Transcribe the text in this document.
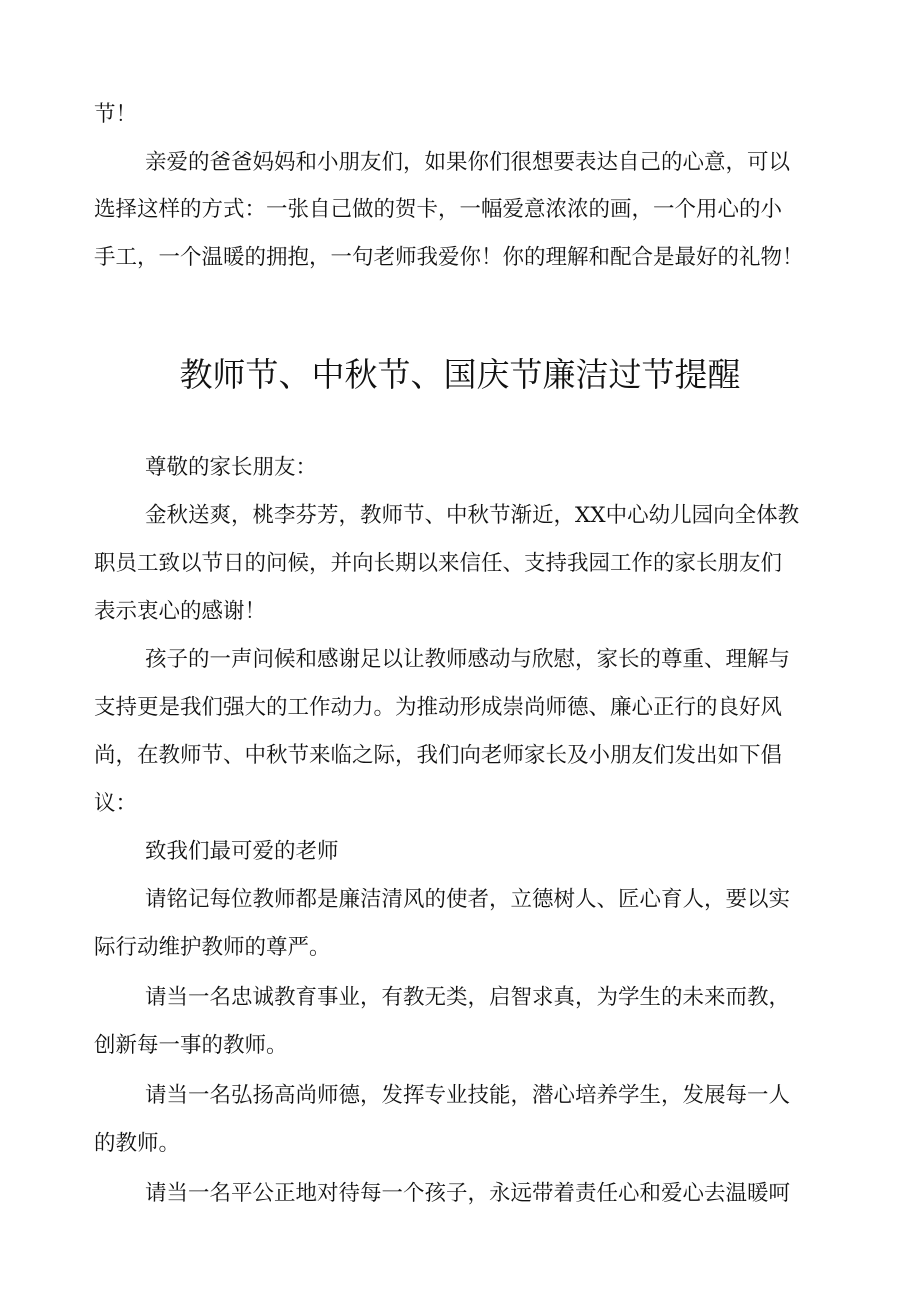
节！
亲爱的爸爸妈妈和小朋友们，如果你们很想要表达自己的心意，可以
选择这样的方式：一张自己做的贺卡，一幅爱意浓浓的画，一个用心的小
手工，一个温暖的拥抱，一句老师我爱你！你的理解和配合是最好的礼物！
教师节、中秋节、国庆节廉洁过节提醒
尊敬的家长朋友：
金秋送爽，桃李芬芳，教师节、中秋节渐近，XX中心幼儿园向全体教
职员工致以节日的问候，并向长期以来信任、支持我园工作的家长朋友们
表示衷心的感谢！
孩子的一声问候和感谢足以让教师感动与欣慰，家长的尊重、理解与
支持更是我们强大的工作动力。为推动形成崇尚师德、廉心正行的良好风
尚，在教师节、中秋节来临之际，我们向老师家长及小朋友们发出如下倡
议：
致我们最可爱的老师
请铭记每位教师都是廉洁清风的使者，立德树人、匠心育人，要以实
际行动维护教师的尊严。
请当一名忠诚教育事业，有教无类，启智求真，为学生的未来而教，
创新每一事的教师。
请当一名弘扬高尚师德，发挥专业技能，潜心培养学生，发展每一人
的教师。
请当一名平公正地对待每一个孩子，永远带着责任心和爱心去温暖呵
